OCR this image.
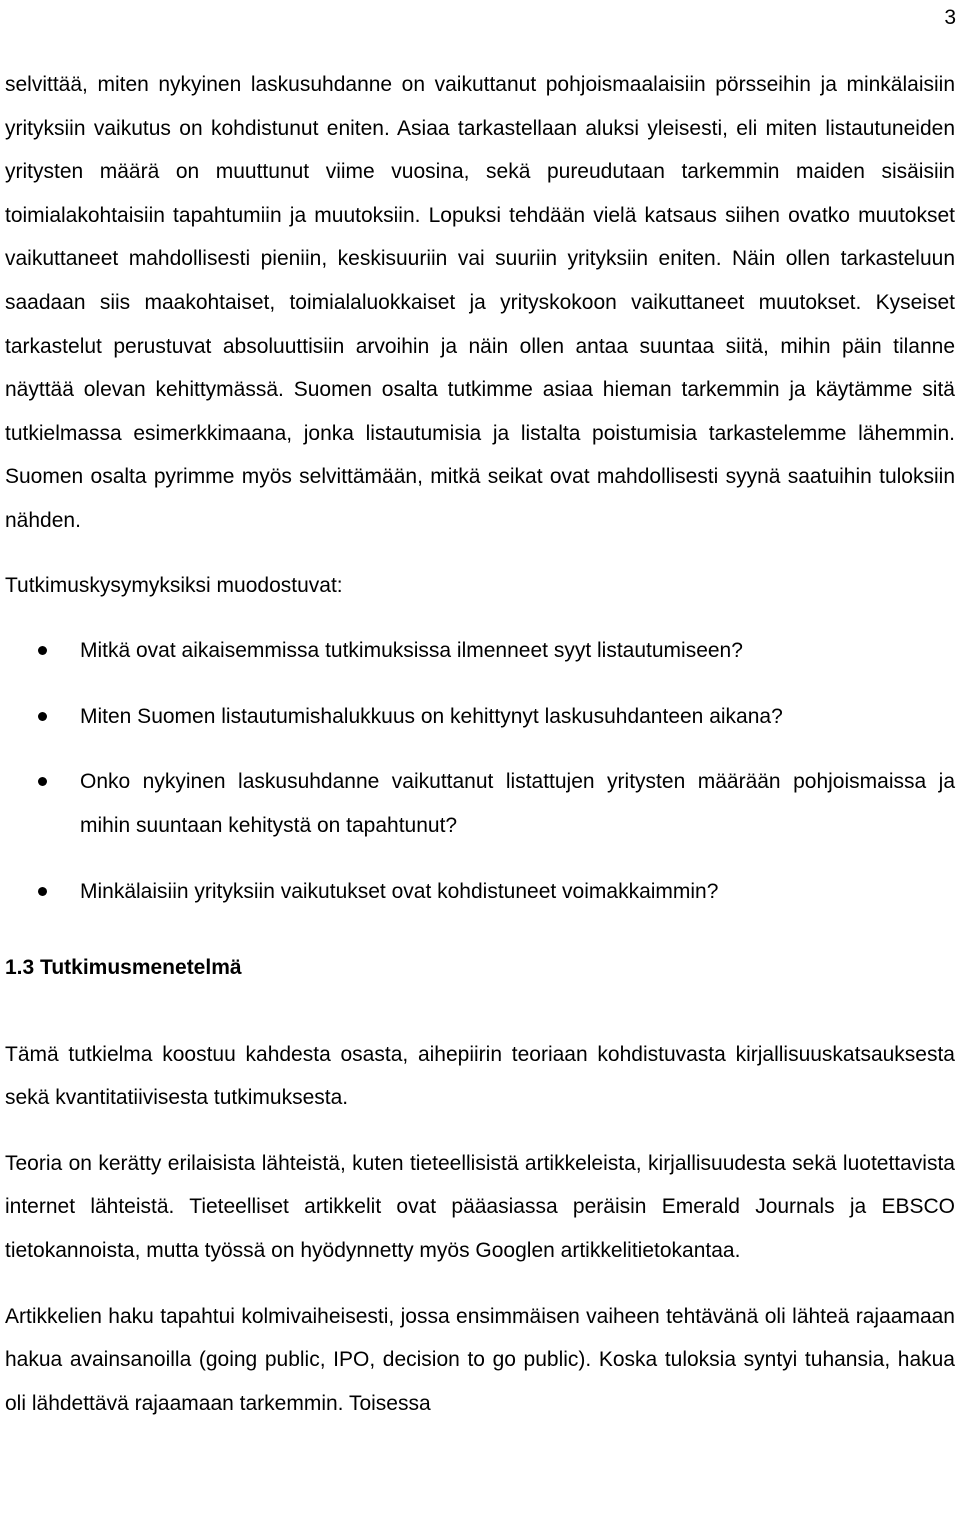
3

selvittää, miten nykyinen laskusuhdanne on vaikuttanut pohjoismaalaisiin pörsseihin ja minkälaisiin yrityksiin vaikutus on kohdistunut eniten. Asiaa tarkastellaan aluksi yleisesti, eli miten listautuneiden yritysten määrä on muuttunut viime vuosina, sekä pureudutaan tarkemmin maiden sisäisiin toimialakohtaisiin tapahtumiin ja muutoksiin. Lopuksi tehdään vielä katsaus siihen ovatko muutokset vaikuttaneet mahdollisesti pieniin, keskisuuriin vai suuriin yrityksiin eniten. Näin ollen tarkasteluun saadaan siis maakohtaiset, toimialaluokkaiset ja yrityskokoon vaikuttaneet muutokset. Kyseiset tarkastelut perustuvat absoluuttisiin arvoihin ja näin ollen antaa suuntaa siitä, mihin päin tilanne näyttää olevan kehittymässä. Suomen osalta tutkimme asiaa hieman tarkemmin ja käytämme sitä tutkielmassa esimerkkimaana, jonka listautumisia ja listalta poistumisia tarkastelemme lähemmin. Suomen osalta pyrimme myös selvittämään, mitkä seikat ovat mahdollisesti syynä saatuihin tuloksiin nähden.

Tutkimuskysymyksiksi muodostuvat:

Mitkä ovat aikaisemmissa tutkimuksissa ilmenneet syyt listautumiseen?
Miten Suomen listautumishalukkuus on kehittynyt laskusuhdanteen aikana?
Onko nykyinen laskusuhdanne vaikuttanut listattujen yritysten määrään pohjoismaissa ja mihin suuntaan kehitystä on tapahtunut?
Minkälaisiin yrityksiin vaikutukset ovat kohdistuneet voimakkaimmin?
1.3 Tutkimusmenetelmä

Tämä tutkielma koostuu kahdesta osasta, aihepiirin teoriaan kohdistuvasta kirjallisuuskatsauksesta sekä kvantitatiivisesta tutkimuksesta.

Teoria on kerätty erilaisista lähteistä, kuten tieteellisistä artikkeleista, kirjallisuudesta sekä luotettavista internet lähteistä. Tieteelliset artikkelit ovat pääasiassa peräisin Emerald Journals ja EBSCO tietokannoista, mutta työssä on hyödynnetty myös Googlen artikkelitietokantaa.

Artikkelien haku tapahtui kolmivaiheisesti, jossa ensimmäisen vaiheen tehtävänä oli lähteä rajaamaan hakua avainsanoilla (going public, IPO, decision to go public). Koska tuloksia syntyi tuhansia, hakua oli lähdettävä rajaamaan tarkemmin. Toisessa
